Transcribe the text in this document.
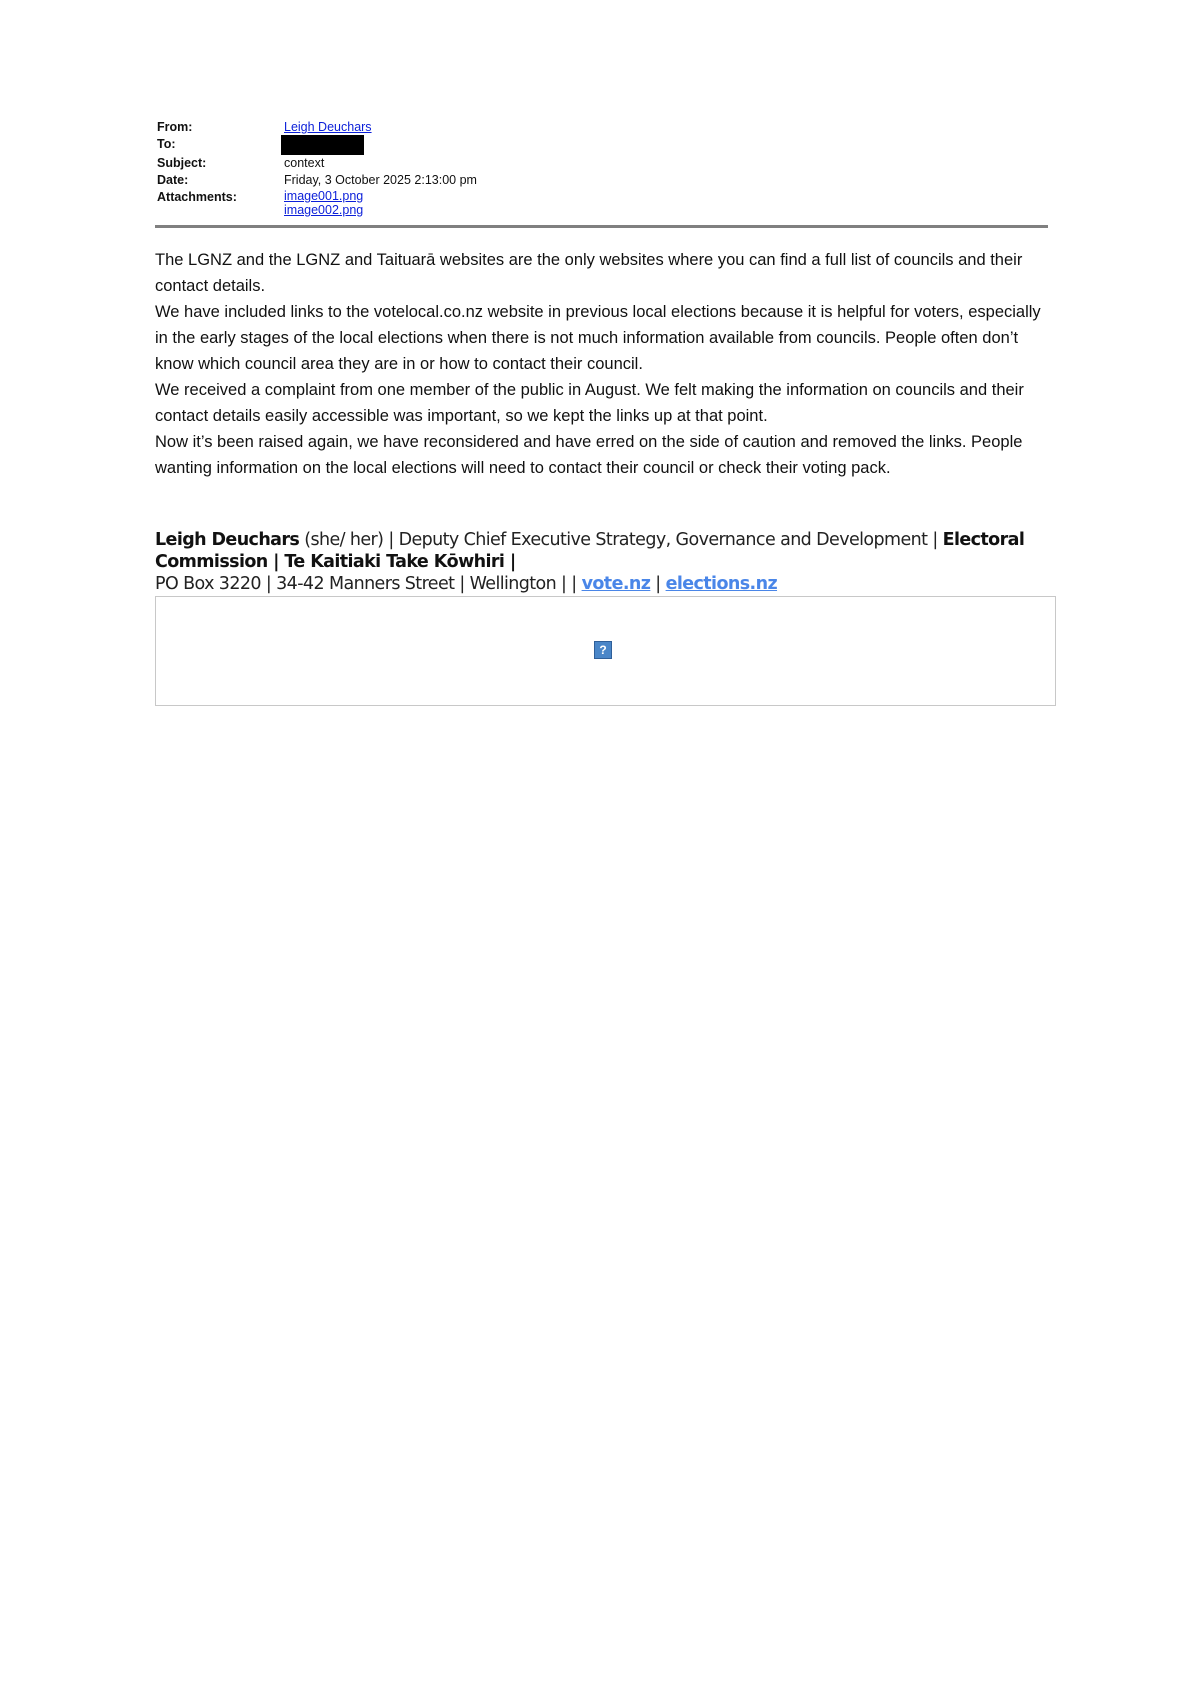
From:	Leigh Deuchars
To:
Subject:	context
Date:	Friday, 3 October 2025 2:13:00 pm
Attachments:	image001.png
image002.png

The LGNZ and the LGNZ and Taituarā websites are the only websites where you can find a full list of councils and their contact details.

We have included links to the votelocal.co.nz website in previous local elections because it is helpful for voters, especially in the early stages of the local elections when there is not much information available from councils. People often don’t know which council area they are in or how to contact their council.

We received a complaint from one member of the public in August. We felt making the information on councils and their contact details easily accessible was important, so we kept the links up at that point.

Now it’s been raised again, we have reconsidered and have erred on the side of caution and removed the links. People wanting information on the local elections will need to contact their council or check their voting pack.

Leigh Deuchars (she/ her) | Deputy Chief Executive Strategy, Governance and Development | Electoral Commission | Te Kaitiaki Take Kōwhiri |
PO Box 3220 | 34-42 Manners Street | Wellington | | vote.nz | elections.nz
?
